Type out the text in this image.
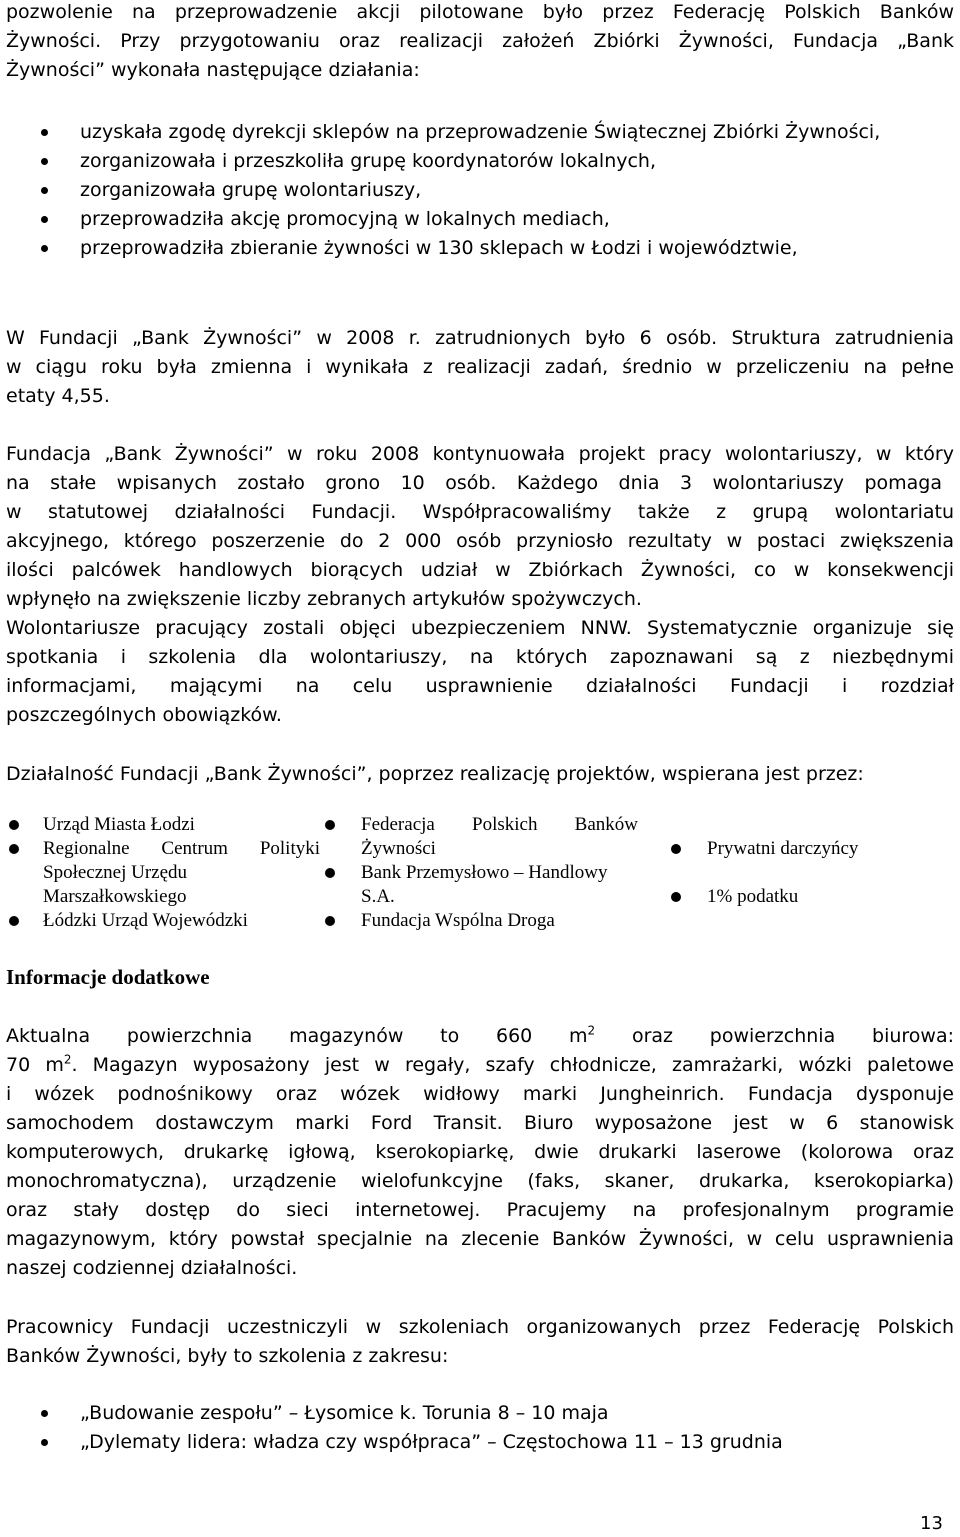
pozwolenie na przeprowadzenie akcji pilotowane było przez Federację Polskich Banków
Żywności. Przy przygotowaniu oraz realizacji założeń Zbiórki Żywności, Fundacja „Bank
Żywności” wykonała następujące działania:
uzyskała zgodę dyrekcji sklepów na przeprowadzenie Świątecznej Zbiórki Żywności,
zorganizowała i przeszkoliła grupę koordynatorów lokalnych,
zorganizowała grupę wolontariuszy,
przeprowadziła akcję promocyjną w lokalnych mediach,
przeprowadziła zbieranie żywności w 130 sklepach w Łodzi i województwie,
W Fundacji „Bank Żywności” w 2008 r. zatrudnionych było 6 osób. Struktura zatrudnienia
w ciągu roku była zmienna i wynikała z realizacji zadań, średnio w przeliczeniu na pełne
etaty 4,55.
Fundacja „Bank Żywności” w roku 2008 kontynuowała projekt pracy wolontariuszy, w który
na stałe wpisanych zostało grono 10 osób. Każdego dnia 3 wolontariuszy pomaga
w statutowej działalności Fundacji. Współpracowaliśmy także z grupą wolontariatu
akcyjnego, którego poszerzenie do 2 000 osób przyniosło rezultaty w postaci zwiększenia
ilości palcówek handlowych biorących udział w Zbiórkach Żywności, co w konsekwencji
wpłynęło na zwiększenie liczby zebranych artykułów spożywczych.
Wolontariusze pracujący zostali objęci ubezpieczeniem NNW. Systematycznie organizuje się
spotkania i szkolenia dla wolontariuszy, na których zapoznawani są z niezbędnymi
informacjami, mającymi na celu usprawnienie działalności Fundacji i rozdział
poszczególnych obowiązków.
Działalność Fundacji „Bank Żywności”, poprzez realizację projektów, wspierana jest przez:
Urząd Miasta Łodzi
Regionalne Centrum Polityki
Społecznej Urzędu
Marszałkowskiego
Łódzki Urząd Wojewódzki
Federacja Polskich Banków
Żywności
Bank Przemysłowo – Handlowy
S.A.
Fundacja Wspólna Droga
Prywatni darczyńcy
1% podatku
Informacje dodatkowe
Aktualna powierzchnia magazynów to 660 $m^2$ oraz powierzchnia biurowa:
70 $m^2$. Magazyn wyposażony jest w regały, szafy chłodnicze, zamrażarki, wózki paletowe
i wózek podnośnikowy oraz wózek widłowy marki Jungheinrich. Fundacja dysponuje
samochodem dostawczym marki Ford Transit. Biuro wyposażone jest w 6 stanowisk
komputerowych, drukarkę igłową, kserokopiarkę, dwie drukarki laserowe (kolorowa oraz
monochromatyczna), urządzenie wielofunkcyjne (faks, skaner, drukarka, kserokopiarka)
oraz stały dostęp do sieci internetowej. Pracujemy na profesjonalnym programie
magazynowym, który powstał specjalnie na zlecenie Banków Żywności, w celu usprawnienia
naszej codziennej działalności.
Pracownicy Fundacji uczestniczyli w szkoleniach organizowanych przez Federację Polskich
Banków Żywności, były to szkolenia z zakresu:
„Budowanie zespołu” – Łysomice k. Torunia 8 – 10 maja
„Dylematy lidera: władza czy współpraca” – Częstochowa 11 – 13 grudnia
13
